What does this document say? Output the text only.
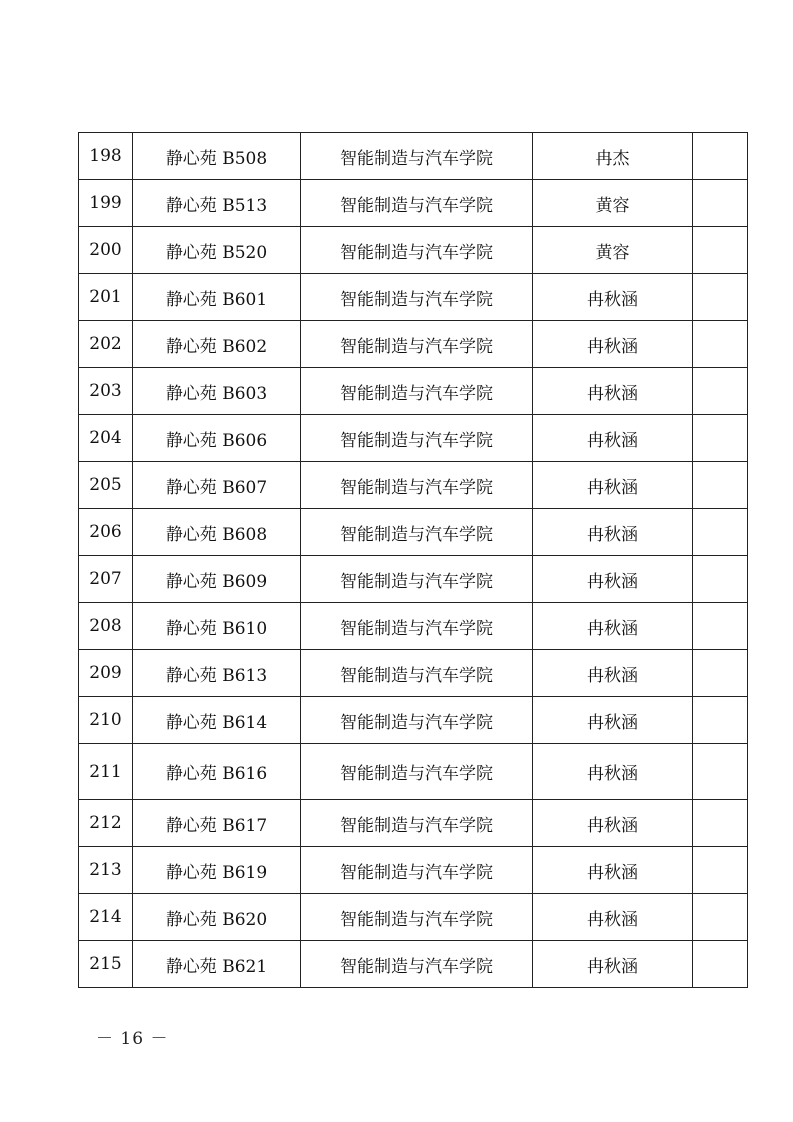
198	静心苑 B508	智能制造与汽车学院	冉杰	
199	静心苑 B513	智能制造与汽车学院	黄容	
200	静心苑 B520	智能制造与汽车学院	黄容	
201	静心苑 B601	智能制造与汽车学院	冉秋涵	
202	静心苑 B602	智能制造与汽车学院	冉秋涵	
203	静心苑 B603	智能制造与汽车学院	冉秋涵	
204	静心苑 B606	智能制造与汽车学院	冉秋涵	
205	静心苑 B607	智能制造与汽车学院	冉秋涵	
206	静心苑 B608	智能制造与汽车学院	冉秋涵	
207	静心苑 B609	智能制造与汽车学院	冉秋涵	
208	静心苑 B610	智能制造与汽车学院	冉秋涵	
209	静心苑 B613	智能制造与汽车学院	冉秋涵	
210	静心苑 B614	智能制造与汽车学院	冉秋涵	
211	静心苑 B616	智能制造与汽车学院	冉秋涵	
212	静心苑 B617	智能制造与汽车学院	冉秋涵	
213	静心苑 B619	智能制造与汽车学院	冉秋涵	
214	静心苑 B620	智能制造与汽车学院	冉秋涵	
215	静心苑 B621	智能制造与汽车学院	冉秋涵	
－ 16 －
